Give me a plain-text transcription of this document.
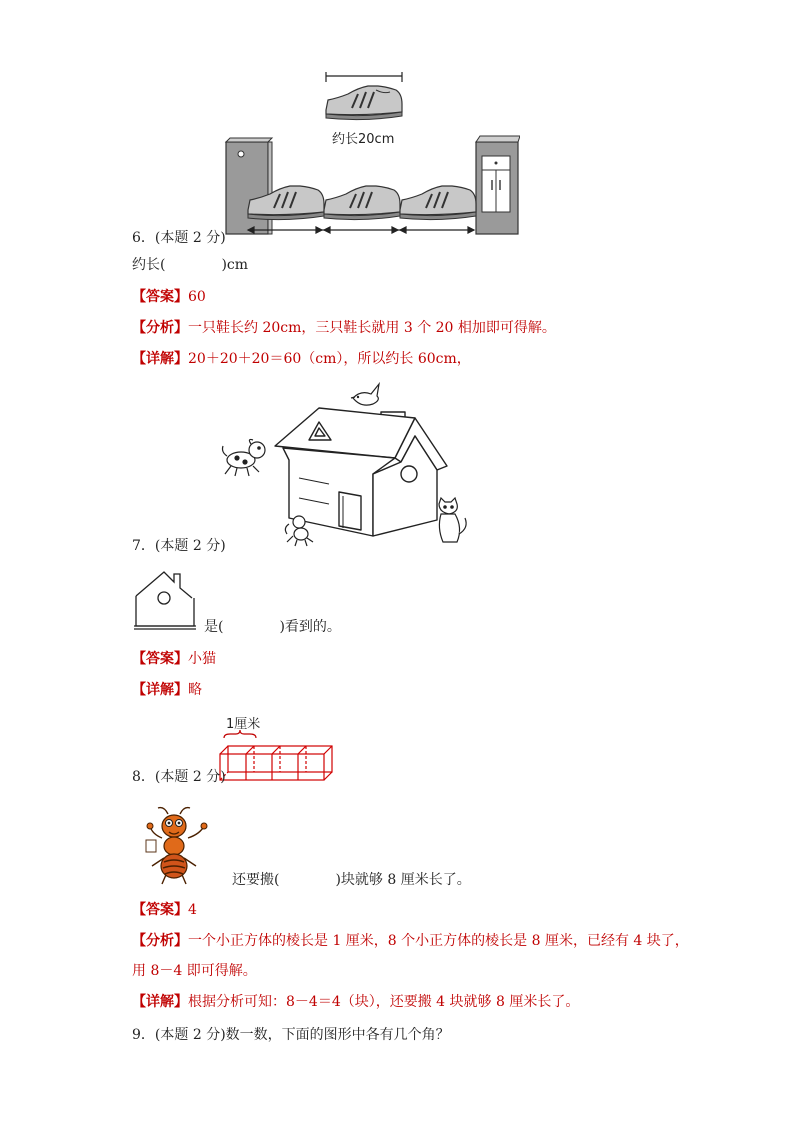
约长20cm
6．(本题 2 分)
约长(	)cm
【答案】60
【分析】一只鞋长约 20cm，三只鞋长就用 3 个 20 相加即可得解。
【详解】20＋20＋20＝60（cm），所以约长 60cm，
7．(本题 2 分)
是(	)看到的。
【答案】小猫
【详解】略
1厘米
8．(本题 2 分)
还要搬(	)块就够 8 厘米长了。
【答案】4
【分析】一个小正方体的棱长是 1 厘米，8 个小正方体的棱长是 8 厘米，已经有 4 块了，
用 8－4 即可得解。
【详解】根据分析可知：8－4＝4（块），还要搬 4 块就够 8 厘米长了。
9．(本题 2 分)数一数，下面的图形中各有几个角？
